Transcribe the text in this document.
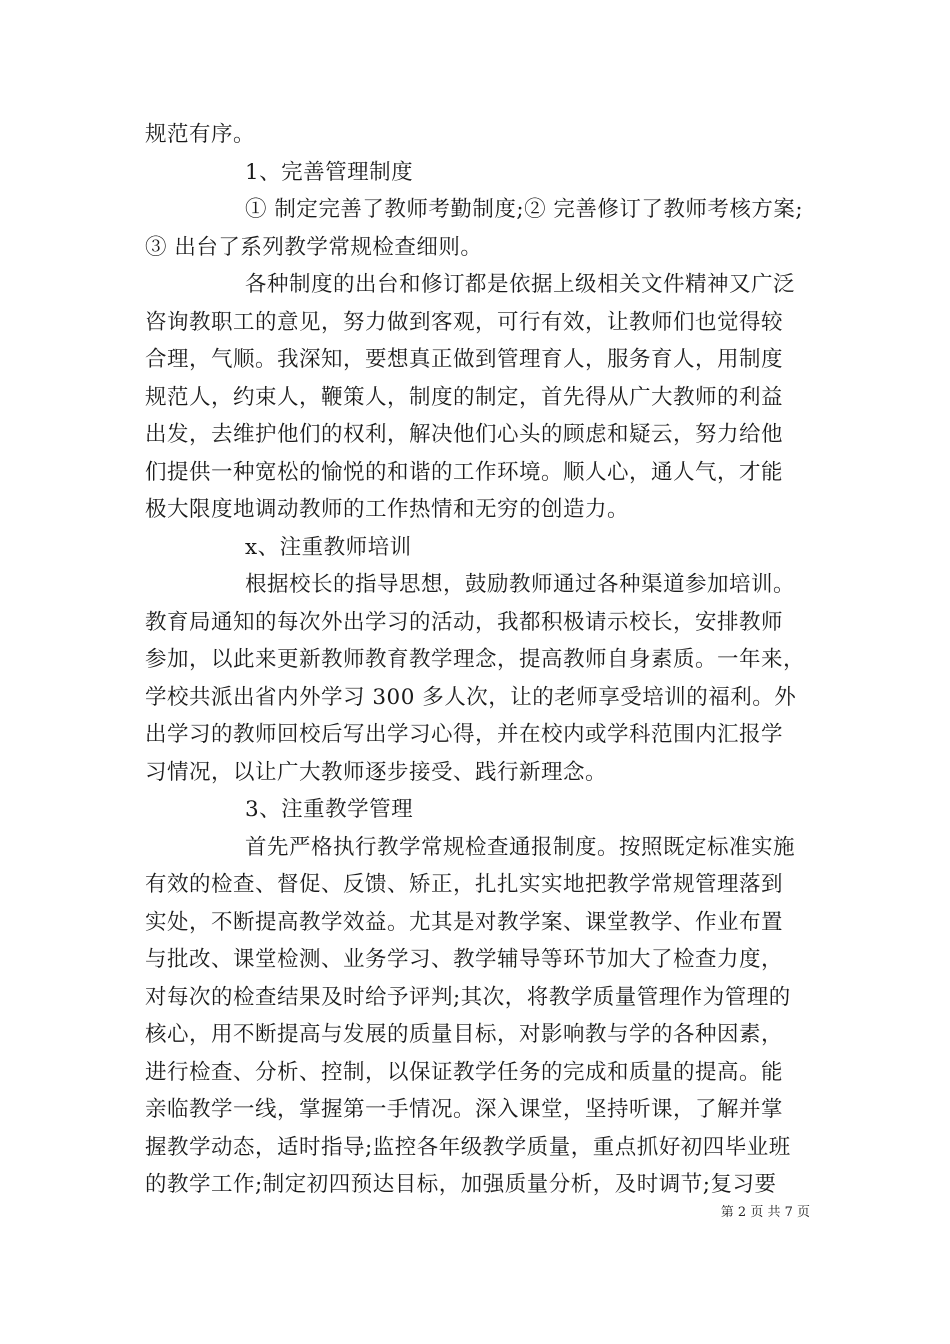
规范有序。
1、完善管理制度
① 制定完善了教师考勤制度;② 完善修订了教师考核方案;
③ 出台了系列教学常规检查细则。
各种制度的出台和修订都是依据上级相关文件精神又广泛
咨询教职工的意见，努力做到客观，可行有效，让教师们也觉得较
合理，气顺。我深知，要想真正做到管理育人，服务育人，用制度
规范人，约束人，鞭策人，制度的制定，首先得从广大教师的利益
出发，去维护他们的权利，解决他们心头的顾虑和疑云，努力给他
们提供一种宽松的愉悦的和谐的工作环境。顺人心，通人气，才能
极大限度地调动教师的工作热情和无穷的创造力。
x、注重教师培训
根据校长的指导思想，鼓励教师通过各种渠道参加培训。
教育局通知的每次外出学习的活动，我都积极请示校长，安排教师
参加，以此来更新教师教育教学理念，提高教师自身素质。一年来，
学校共派出省内外学习 300 多人次，让的老师享受培训的福利。外
出学习的教师回校后写出学习心得，并在校内或学科范围内汇报学
习情况，以让广大教师逐步接受、践行新理念。
3、注重教学管理
首先严格执行教学常规检查通报制度。按照既定标准实施
有效的检查、督促、反馈、矫正，扎扎实实地把教学常规管理落到
实处，不断提高教学效益。尤其是对教学案、课堂教学、作业布置
与批改、课堂检测、业务学习、教学辅导等环节加大了检查力度，
对每次的检查结果及时给予评判;其次，将教学质量管理作为管理的
核心，用不断提高与发展的质量目标，对影响教与学的各种因素，
进行检查、分析、控制，以保证教学任务的完成和质量的提高。能
亲临教学一线，掌握第一手情况。深入课堂，坚持听课，了解并掌
握教学动态，适时指导;监控各年级教学质量，重点抓好初四毕业班
的教学工作;制定初四预达目标，加强质量分析，及时调节;复习要
第 2 页 共 7 页
